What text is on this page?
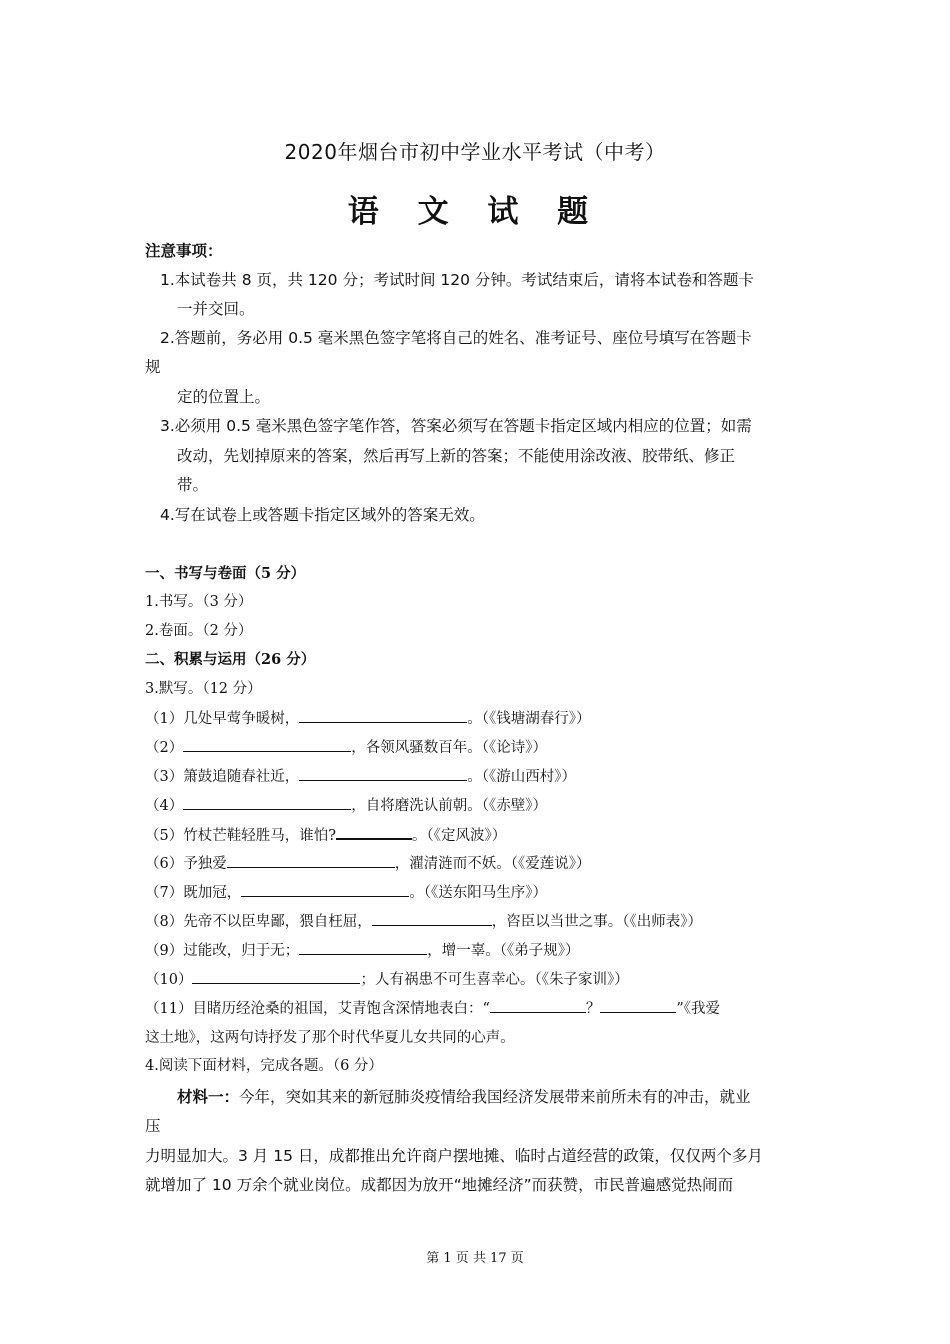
2020年烟台市初中学业水平考试（中考）
语 文 试 题
注意事项：
1.本试卷共 8 页，共 120 分；考试时间 120 分钟。考试结束后，请将本试卷和答题卡
一并交回。
2.答题前，务必用 0.5 毫米黑色签字笔将自己的姓名、准考证号、座位号填写在答题卡
规
定的位置上。
3.必须用 0.5 毫米黑色签字笔作答，答案必须写在答题卡指定区域内相应的位置；如需
改动，先划掉原来的答案，然后再写上新的答案；不能使用涂改液、胶带纸、修正
带。
4.写在试卷上或答题卡指定区域外的答案无效。
一、书写与卷面（5 分）
1.书写。（3 分）
2.卷面。（2 分）
二、积累与运用（26 分）
3.默写。（12 分）
（1）几处早莺争暖树，	。（《钱塘湖春行》）
（2）	，各领风骚数百年。（《论诗》）
（3）箫鼓追随春社近，	。（《游山西村》）
（4）	，自将磨洗认前朝。（《赤壁》）
（5）竹杖芒鞋轻胜马，谁怕?	。（《定风波》）
（6）予独爱	，濯清涟而不妖。（《爱莲说》）
（7）既加冠，	。（《送东阳马生序》）
（8）先帝不以臣卑鄙，猥自枉屈，	，咨臣以当世之事。（《出师表》）
（9）过能改，归于无；	，增一辜。（《弟子规》）
（10）	；人有祸患不可生喜幸心。（《朱子家训》）
（11）目睹历经沧桑的祖国，艾青饱含深情地表白：“	？	”《我爱
这土地》，这两句诗抒发了那个时代华夏儿女共同的心声。
4.阅读下面材料，完成各题。（6 分）
材料一：今年，突如其来的新冠肺炎疫情给我国经济发展带来前所未有的冲击，就业
压
力明显加大。3 月 15 日，成都推出允许商户摆地摊、临时占道经营的政策，仅仅两个多月
就增加了 10 万余个就业岗位。成都因为放开“地摊经济”而获赞，市民普遍感觉热闹而
第 1 页 共 17 页
